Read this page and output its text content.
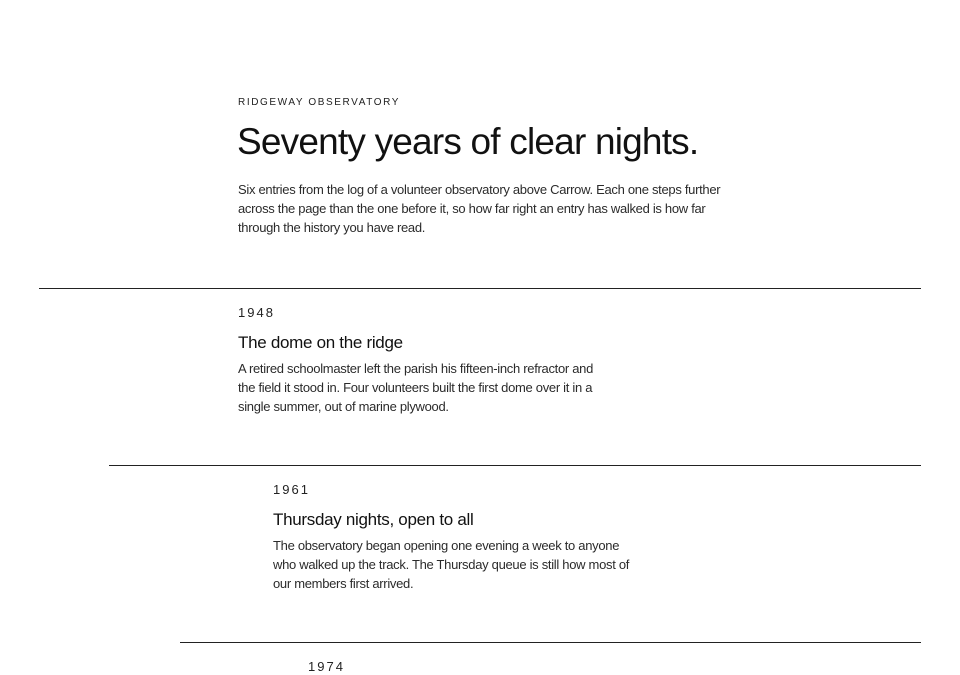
RIDGEWAY OBSERVATORY
Seventy years of clear nights.

Six entries from the log of a volunteer observatory above Carrow. Each one steps further across the page than the one before it, so how far right an entry has walked is how far through the history you have read.

1948
The dome on the ridge

A retired schoolmaster left the parish his fifteen-inch refractor and the field it stood in. Four volunteers built the first dome over it in a single summer, out of marine plywood.

1961
Thursday nights, open to all

The observatory began opening one evening a week to anyone who walked up the track. The Thursday queue is still how most of our members first arrived.

1974
